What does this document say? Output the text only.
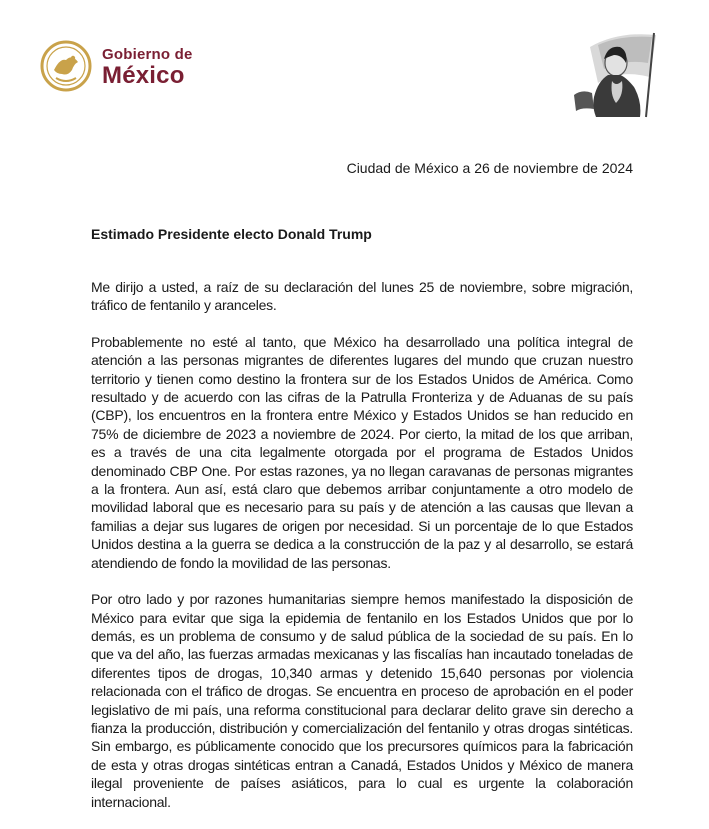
Gobierno de
México
Ciudad de México a 26 de noviembre de 2024
Estimado Presidente electo Donald Trump

Me dirijo a usted, a raíz de su declaración del lunes 25 de noviembre, sobre migración, tráfico de fentanilo y aranceles.

Probablemente no esté al tanto, que México ha desarrollado una política integral de atención a las personas migrantes de diferentes lugares del mundo que cruzan nuestro territorio y tienen como destino la frontera sur de los Estados Unidos de América. Como resultado y de acuerdo con las cifras de la Patrulla Fronteriza y de Aduanas de su país (CBP), los encuentros en la frontera entre México y Estados Unidos se han reducido en 75% de diciembre de 2023 a noviembre de 2024. Por cierto, la mitad de los que arriban, es a través de una cita legalmente otorgada por el programa de Estados Unidos denominado CBP One. Por estas razones, ya no llegan caravanas de personas migrantes a la frontera. Aun así, está claro que debemos arribar conjuntamente a otro modelo de movilidad laboral que es necesario para su país y de atención a las causas que llevan a familias a dejar sus lugares de origen por necesidad. Si un porcentaje de lo que Estados Unidos destina a la guerra se dedica a la construcción de la paz y al desarrollo, se estará atendiendo de fondo la movilidad de las personas.

Por otro lado y por razones humanitarias siempre hemos manifestado la disposición de México para evitar que siga la epidemia de fentanilo en los Estados Unidos que por lo demás, es un problema de consumo y de salud pública de la sociedad de su país. En lo que va del año, las fuerzas armadas mexicanas y las fiscalías han incautado toneladas de diferentes tipos de drogas, 10,340 armas y detenido 15,640 personas por violencia relacionada con el tráfico de drogas. Se encuentra en proceso de aprobación en el poder legislativo de mi país, una reforma constitucional para declarar delito grave sin derecho a fianza la producción, distribución y comercialización del fentanilo y otras drogas sintéticas. Sin embargo, es públicamente conocido que los precursores químicos para la fabricación de esta y otras drogas sintéticas entran a Canadá, Estados Unidos y México de manera ilegal proveniente de países asiáticos, para lo cual es urgente la colaboración internacional.
